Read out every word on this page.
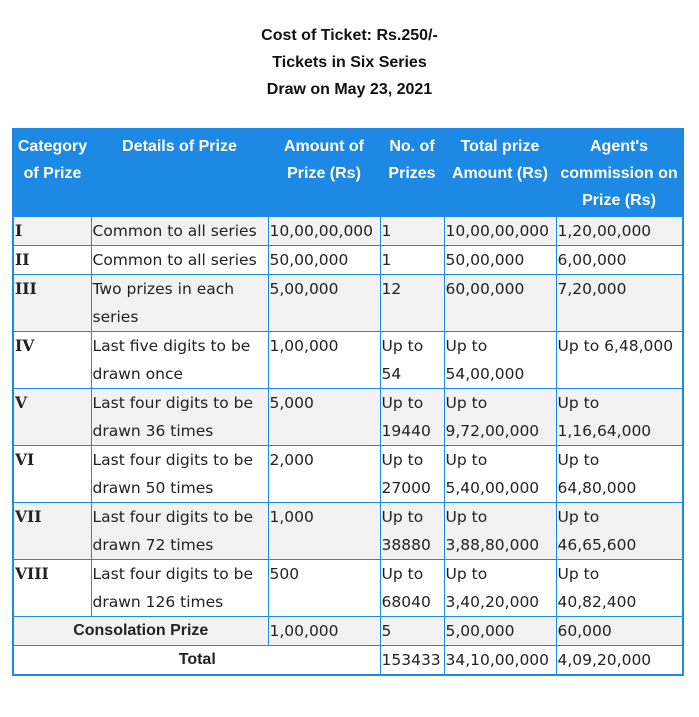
Cost of Ticket: Rs.250/-
Tickets in Six Series
Draw on May 23, 2021
Category of Prize	Details of Prize	Amount of Prize (Rs)	No. of Prizes	Total prize Amount (Rs)	Agent's commission on Prize (Rs)
I	Common to all series	10,00,00,000	1	10,00,00,000	1,20,00,000
II	Common to all series	50,00,000	1	50,00,000	6,00,000
III	Two prizes in each series	5,00,000	12	60,00,000	7,20,000
IV	Last five digits to be drawn once	1,00,000	Up to 54	Up to 54,00,000	Up to 6,48,000
V	Last four digits to be drawn 36 times	5,000	Up to 19440	Up to 9,72,00,000	Up to 1,16,64,000
VI	Last four digits to be drawn 50 times	2,000	Up to 27000	Up to 5,40,00,000	Up to 64,80,000
VII	Last four digits to be drawn 72 times	1,000	Up to 38880	Up to 3,88,80,000	Up to 46,65,600
VIII	Last four digits to be drawn 126 times	500	Up to 68040	Up to 3,40,20,000	Up to 40,82,400
Consolation Prize		1,00,000	5	5,00,000	60,000
Total			153433	34,10,00,000	4,09,20,000
